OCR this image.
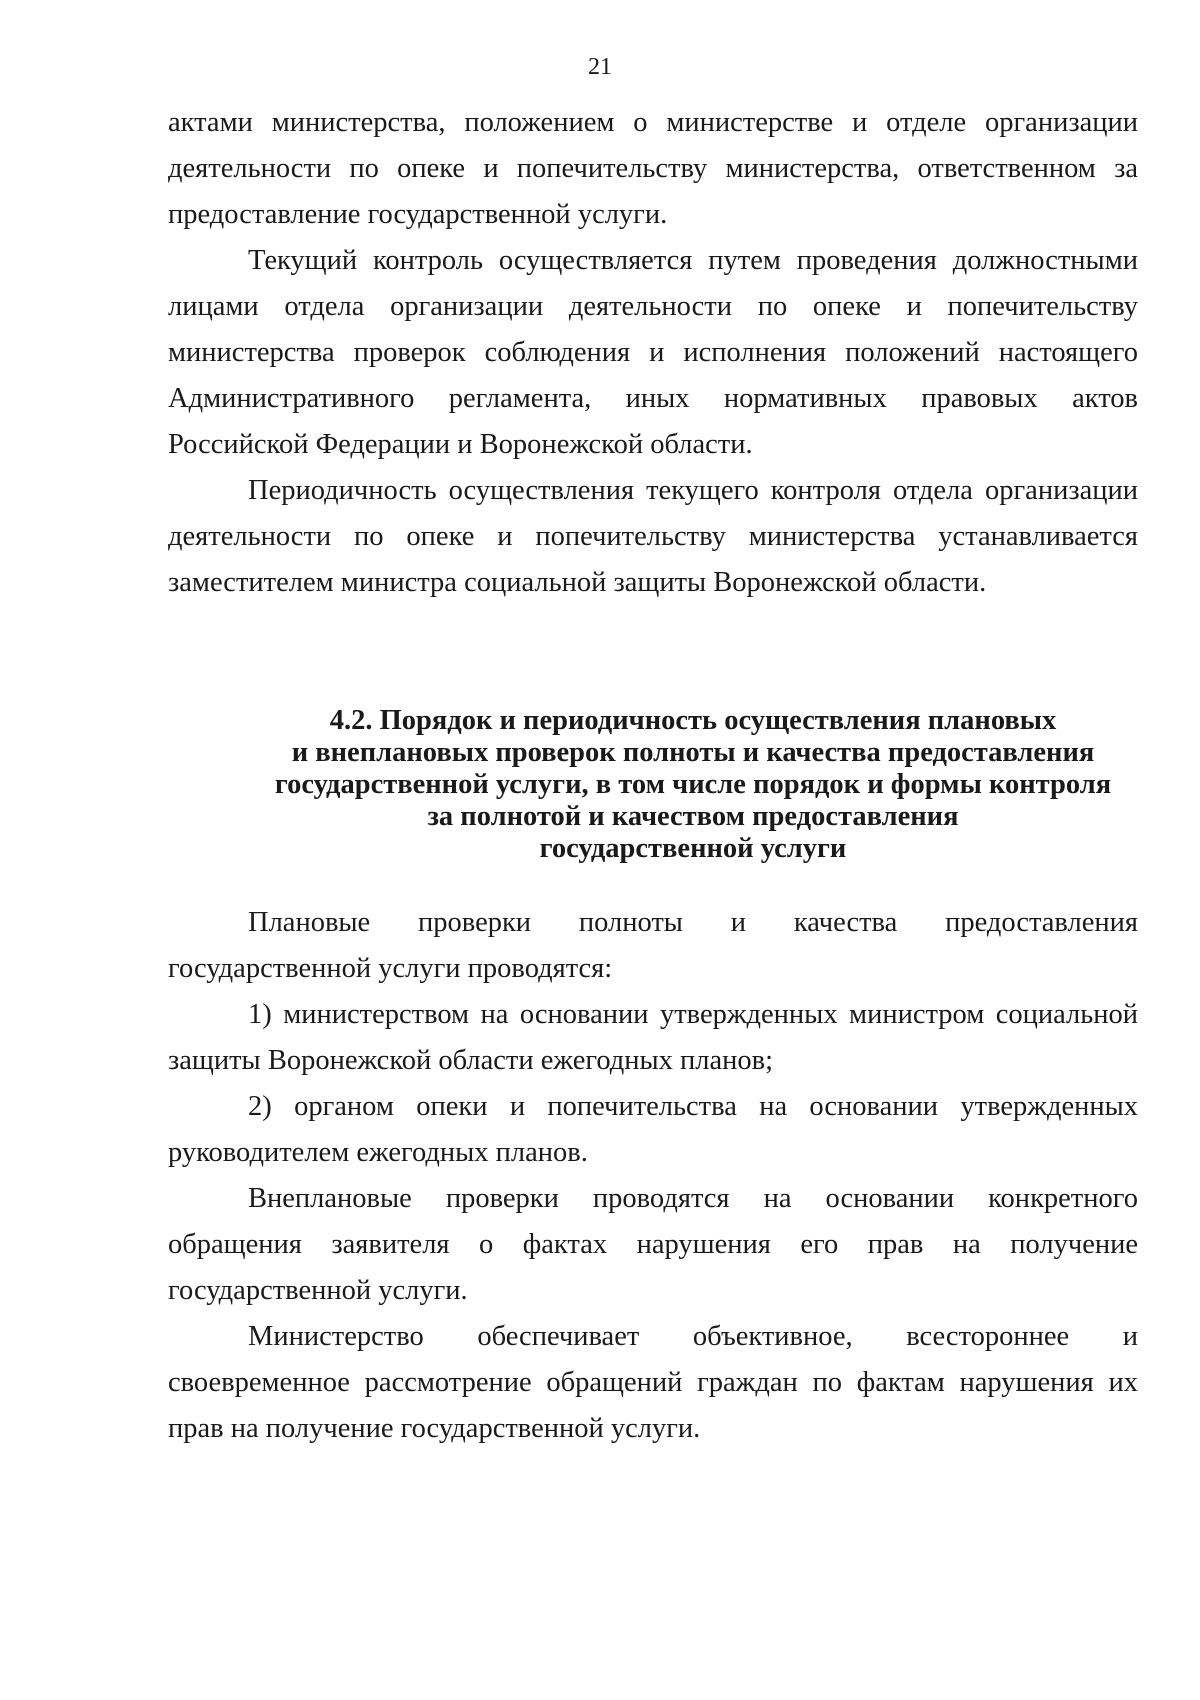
21

актами министерства, положением о министерстве и отделе организации деятельности по опеке и попечительству министерства, ответственном за предоставление государственной услуги.

Текущий контроль осуществляется путем проведения должностными лицами отдела организации деятельности по опеке и попечительству министерства проверок соблюдения и исполнения положений настоящего Административного регламента, иных нормативных правовых актов Российской Федерации и Воронежской области.

Периодичность осуществления текущего контроля отдела организации деятельности по опеке и попечительству министерства устанавливается заместителем министра социальной защиты Воронежской области.

4.2. Порядок и периодичность осуществления плановых
и внеплановых проверок полноты и качества предоставления
государственной услуги, в том числе порядок и формы контроля
за полнотой и качеством предоставления
государственной услуги

Плановые проверки полноты и качества предоставления государственной услуги проводятся:

1) министерством на основании утвержденных министром социальной защиты Воронежской области ежегодных планов;

2) органом опеки и попечительства на основании утвержденных руководителем ежегодных планов.

Внеплановые проверки проводятся на основании конкретного обращения заявителя о фактах нарушения его прав на получение государственной услуги.

Министерство обеспечивает объективное, всестороннее и своевременное рассмотрение обращений граждан по фактам нарушения их прав на получение государственной услуги.
